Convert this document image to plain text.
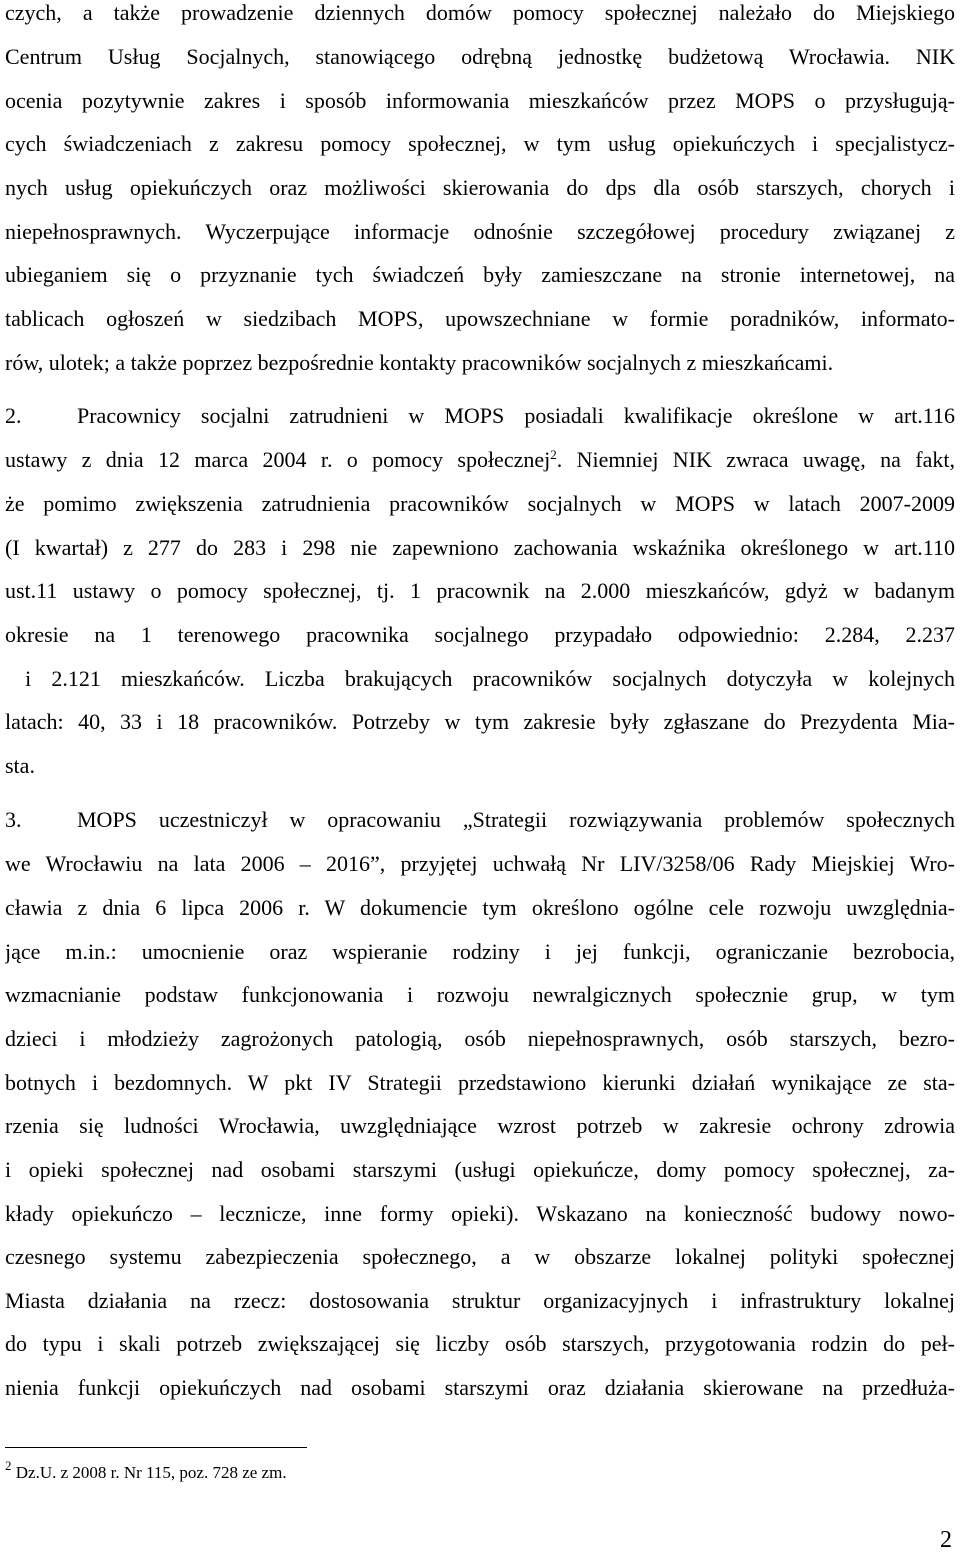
czych, a także prowadzenie dziennych domów pomocy społecznej należało do Miejskiego
Centrum Usług Socjalnych, stanowiącego odrębną jednostkę budżetową Wrocławia. NIK
ocenia pozytywnie zakres i sposób informowania mieszkańców przez MOPS o przysługują-
cych świadczeniach z zakresu pomocy społecznej, w tym usług opiekuńczych i specjalistycz-
nych usług opiekuńczych oraz możliwości skierowania do dps dla osób starszych, chorych i
niepełnosprawnych. Wyczerpujące informacje odnośnie szczegółowej procedury związanej z
ubieganiem się o przyznanie tych świadczeń były zamieszczane na stronie internetowej, na
tablicach ogłoszeń w siedzibach MOPS, upowszechniane w formie poradników, informato-
rów, ulotek; a także poprzez bezpośrednie kontakty pracowników socjalnych z mieszkańcami.
2.	Pracownicy socjalni zatrudnieni w MOPS posiadali kwalifikacje określone w art.116
ustawy z dnia 12 marca 2004 r. o pomocy społecznej$^2$. Niemniej NIK zwraca uwagę, na fakt,
że pomimo zwiększenia zatrudnienia pracowników socjalnych w MOPS w latach 2007-2009
(I kwartał) z 277 do 283 i 298 nie zapewniono zachowania wskaźnika określonego w art.110
ust.11 ustawy o pomocy społecznej, tj. 1 pracownik na 2.000 mieszkańców, gdyż w badanym
okresie na 1 terenowego pracownika socjalnego przypadało odpowiednio: 2.284, 2.237
i 2.121 mieszkańców. Liczba brakujących pracowników socjalnych dotyczyła w kolejnych
latach: 40, 33 i 18 pracowników. Potrzeby w tym zakresie były zgłaszane do Prezydenta Mia-
sta.
3.	MOPS uczestniczył w opracowaniu „Strategii rozwiązywania problemów społecznych
we Wrocławiu na lata 2006 – 2016”, przyjętej uchwałą Nr LIV/3258/06 Rady Miejskiej Wro-
cławia z dnia 6 lipca 2006 r. W dokumencie tym określono ogólne cele rozwoju uwzględnia-
jące m.in.: umocnienie oraz wspieranie rodziny i jej funkcji, ograniczanie bezrobocia,
wzmacnianie podstaw funkcjonowania i rozwoju newralgicznych społecznie grup, w tym
dzieci i młodzieży zagrożonych patologią, osób niepełnosprawnych, osób starszych, bezro-
botnych i bezdomnych. W pkt IV Strategii przedstawiono kierunki działań wynikające ze sta-
rzenia się ludności Wrocławia, uwzględniające wzrost potrzeb w zakresie ochrony zdrowia
i opieki społecznej nad osobami starszymi (usługi opiekuńcze, domy pomocy społecznej, za-
kłady opiekuńczo – lecznicze, inne formy opieki). Wskazano na konieczność budowy nowo-
czesnego systemu zabezpieczenia społecznego, a w obszarze lokalnej polityki społecznej
Miasta działania na rzecz: dostosowania struktur organizacyjnych i infrastruktury lokalnej
do typu i skali potrzeb zwiększającej się liczby osób starszych, przygotowania rodzin do peł-
nienia funkcji opiekuńczych nad osobami starszymi oraz działania skierowane na przedłuża-
$^2$ Dz.U. z 2008 r. Nr 115, poz. 728 ze zm.
2
